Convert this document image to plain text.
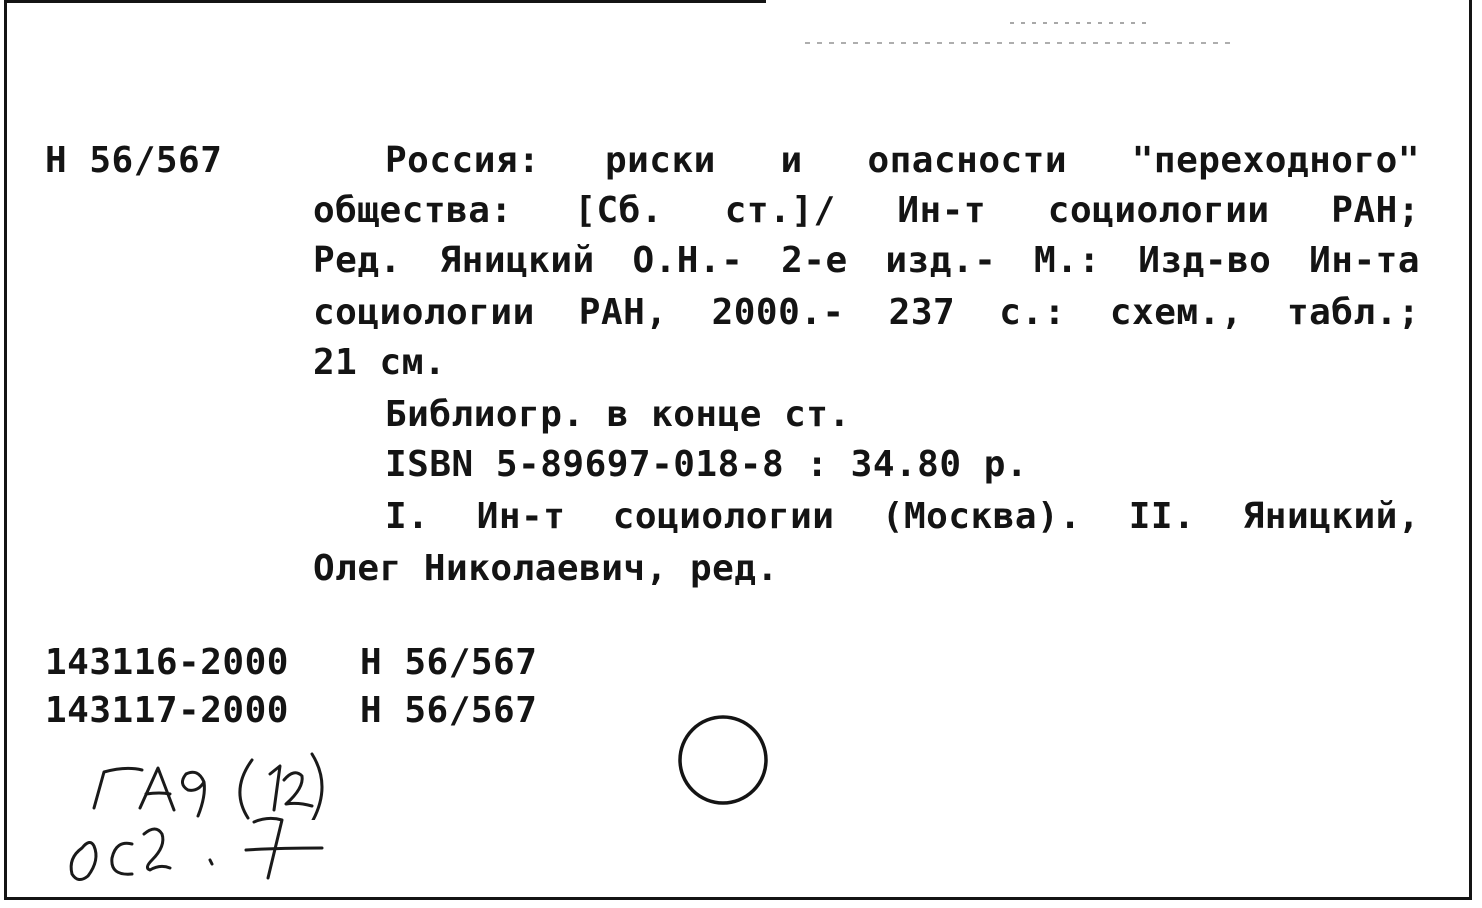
Н 56/567	Россия: риски и опасности "переходного"
общества: [Сб. ст.]/ Ин-т социологии РАН;
Ред. Яницкий О.Н.- 2-е изд.- М.: Изд-во Ин-та
социологии РАН, 2000.- 237 с.: схем., табл.;
21 см.
Библиогр. в конце ст.
ISBN 5-89697-018-8 : 34.80 р.
I. Ин-т социологии (Москва). II. Яницкий,
Олег Николаевич, ред.
143116-2000 Н 56/567
143117-2000 Н 56/567
